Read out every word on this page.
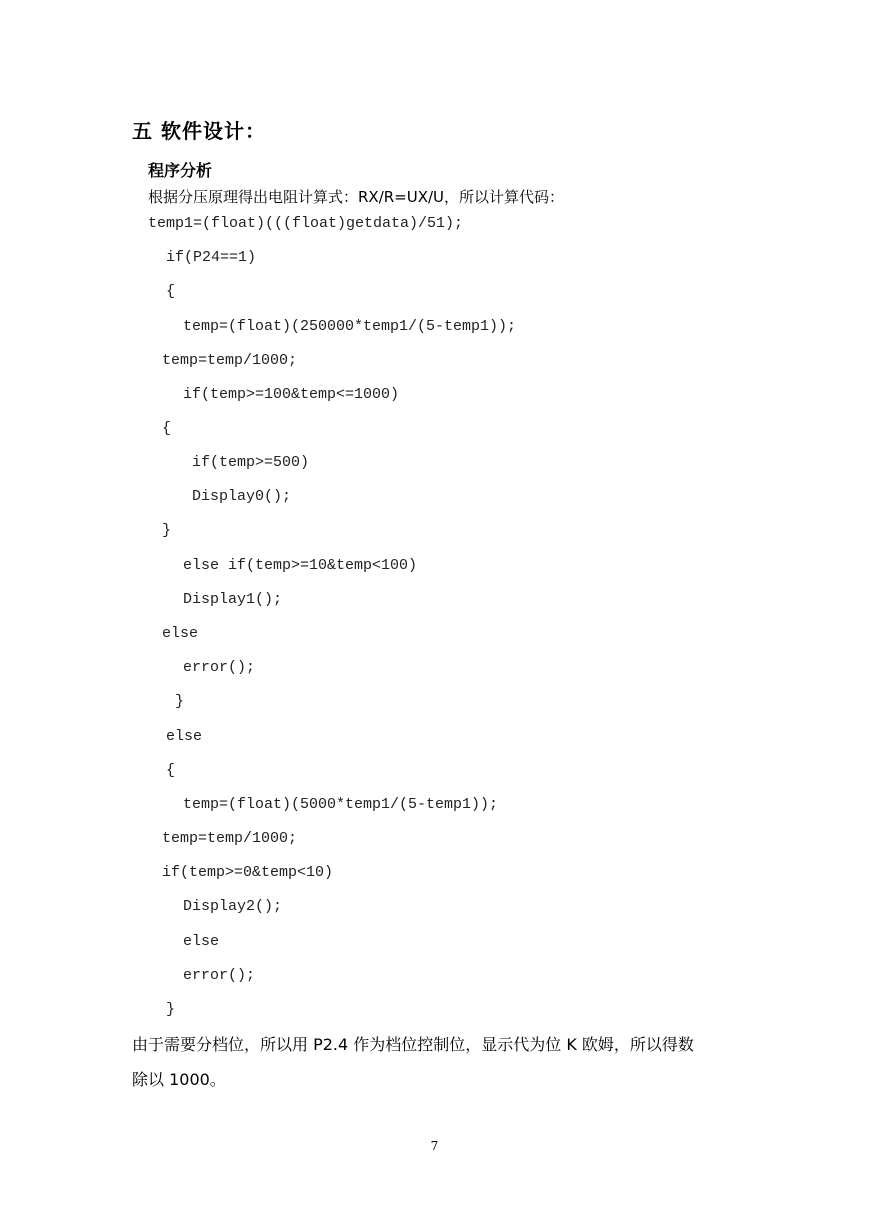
五 软件设计：
程序分析
根据分压原理得出电阻计算式：RX/R=UX/U，所以计算代码：
temp1=(float)(((float)getdata)/51);
if(P24==1)
{
temp=(float)(250000*temp1/(5-temp1));
temp=temp/1000;
if(temp>=100&temp<=1000)
{
if(temp>=500)
Display0();
}
else if(temp>=10&temp<100)
Display1();
else
error();
}
else
{
temp=(float)(5000*temp1/(5-temp1));
temp=temp/1000;
if(temp>=0&temp<10)
Display2();
else
error();
}
由于需要分档位，所以用 P2.4 作为档位控制位，显示代为位 K 欧姆，所以得数
除以 1000。
7
